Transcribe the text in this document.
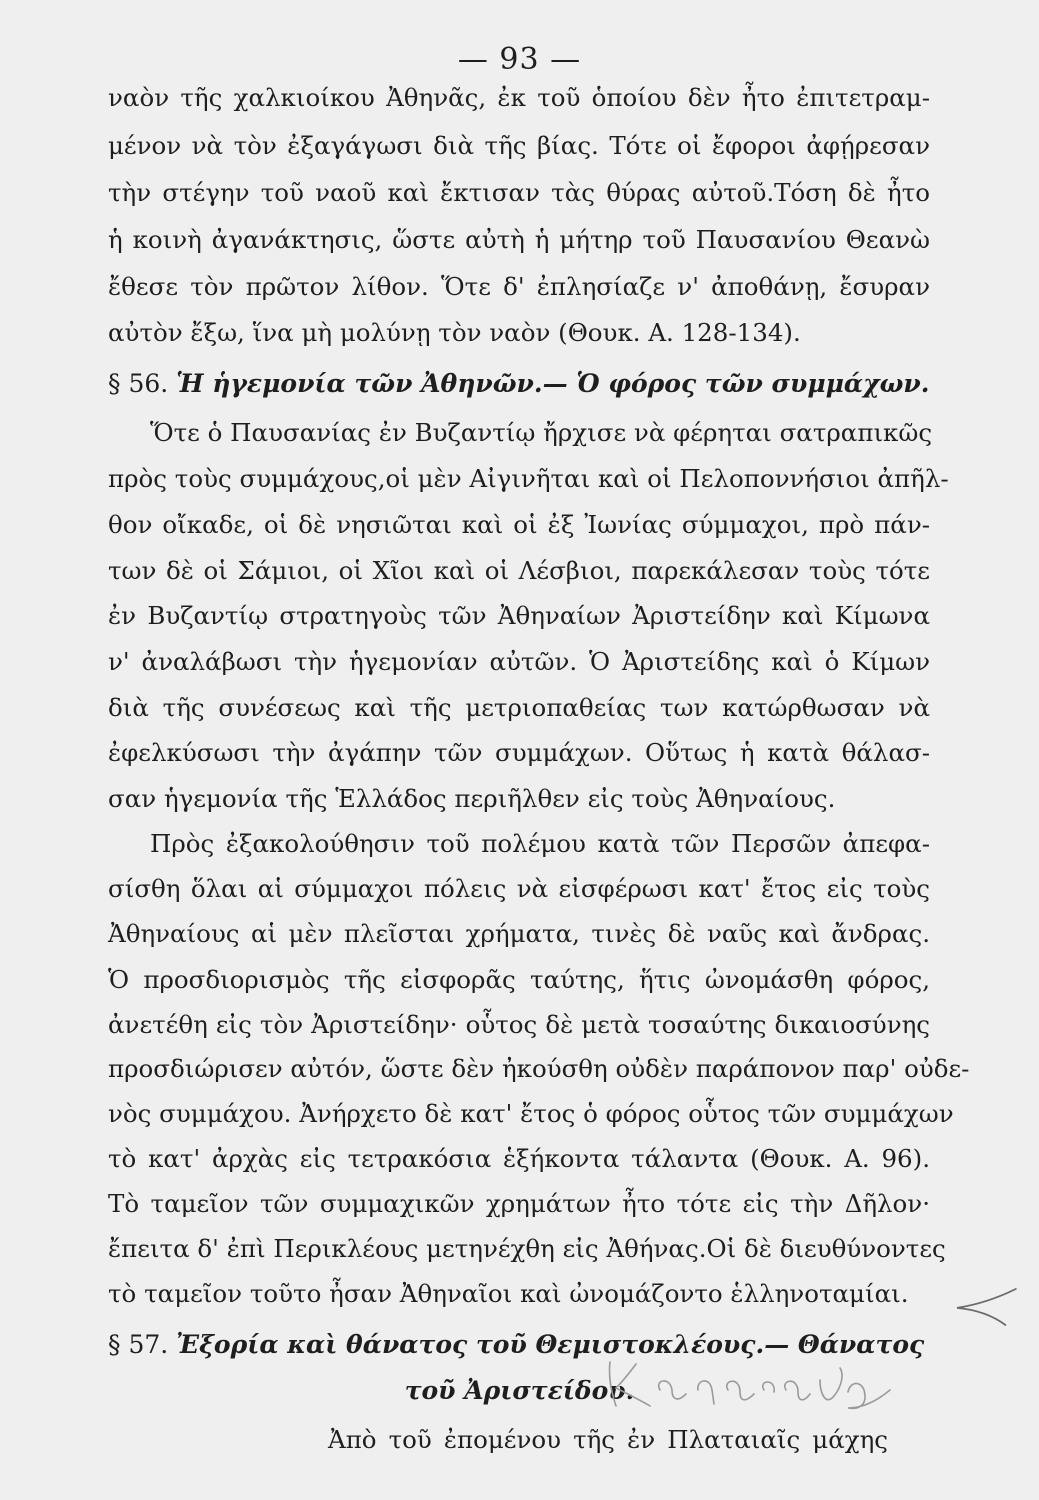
— 93 —
ναὸν τῆς χαλκιοίκου Ἀθηνᾶς, ἐκ τοῦ ὁποίου δὲν ἦτο ἐπιτετραμ-
μένον νὰ τὸν ἐξαγάγωσι διὰ τῆς βίας. Τότε οἱ ἔφοροι ἀφῄρεσαν
τὴν στέγην τοῦ ναοῦ καὶ ἔκτισαν τὰς θύρας αὐτοῦ.Τόση δὲ ἦτο
ἡ κοινὴ ἀγανάκτησις, ὥστε αὐτὴ ἡ μήτηρ τοῦ Παυσανίου Θεανὼ
ἔθεσε τὸν πρῶτον λίθον. Ὅτε δ' ἐπλησίαζε ν' ἀποθάνῃ, ἔσυραν
αὐτὸν ἔξω, ἵνα μὴ μολύνῃ τὸν ναὸν (Θουκ. Α. 128-134).
§ 56. Ἡ ἡγεμονία τῶν Ἀθηνῶν.— Ὁ φόρος τῶν συμμάχων.
Ὅτε ὁ Παυσανίας ἐν Βυζαντίῳ ἤρχισε νὰ φέρηται σατραπικῶς
πρὸς τοὺς συμμάχους,οἱ μὲν Αἰγινῆται καὶ οἱ Πελοποννήσιοι ἀπῆλ-
θον οἴκαδε, οἱ δὲ νησιῶται καὶ οἱ ἐξ Ἰωνίας σύμμαχοι, πρὸ πάν-
των δὲ οἱ Σάμιοι, οἱ Χῖοι καὶ οἱ Λέσβιοι, παρεκάλεσαν τοὺς τότε
ἐν Βυζαντίῳ στρατηγοὺς τῶν Ἀθηναίων Ἀριστείδην καὶ Κίμωνα
ν' ἀναλάβωσι τὴν ἡγεμονίαν αὐτῶν. Ὁ Ἀριστείδης καὶ ὁ Κίμων
διὰ τῆς συνέσεως καὶ τῆς μετριοπαθείας των κατώρθωσαν νὰ
ἐφελκύσωσι τὴν ἀγάπην τῶν συμμάχων. Οὕτως ἡ κατὰ θάλασ-
σαν ἡγεμονία τῆς Ἑλλάδος περιῆλθεν εἰς τοὺς Ἀθηναίους.
Πρὸς ἐξακολούθησιν τοῦ πολέμου κατὰ τῶν Περσῶν ἀπεφα-
σίσθη ὅλαι αἱ σύμμαχοι πόλεις νὰ εἰσφέρωσι κατ' ἔτος εἰς τοὺς
Ἀθηναίους αἱ μὲν πλεῖσται χρήματα, τινὲς δὲ ναῦς καὶ ἄνδρας.
Ὁ προσδιορισμὸς τῆς εἰσφορᾶς ταύτης, ἥτις ὠνομάσθη φόρος,
ἀνετέθη εἰς τὸν Ἀριστείδην· οὗτος δὲ μετὰ τοσαύτης δικαιοσύνης
προσδιώρισεν αὐτόν, ὥστε δὲν ἠκούσθη οὐδὲν παράπονον παρ' οὐδε-
νὸς συμμάχου. Ἀνήρχετο δὲ κατ' ἔτος ὁ φόρος οὗτος τῶν συμμάχων
τὸ κατ' ἀρχὰς εἰς τετρακόσια ἑξήκοντα τάλαντα (Θουκ. Α. 96).
Τὸ ταμεῖον τῶν συμμαχικῶν χρημάτων ἦτο τότε εἰς τὴν Δῆλον·
ἔπειτα δ' ἐπὶ Περικλέους μετηνέχθη εἰς Ἀθήνας.Οἱ δὲ διευθύνοντες
τὸ ταμεῖον τοῦτο ἦσαν Ἀθηναῖοι καὶ ὠνομάζοντο ἑλληνοταμίαι.
§ 57. Ἐξορία καὶ θάνατος τοῦ Θεμιστοκλέους.— Θάνατος
τοῦ Ἀριστείδου.
Ἀπὸ τοῦ ἐπομένου τῆς ἐν Πλαταιαῖς μάχης
